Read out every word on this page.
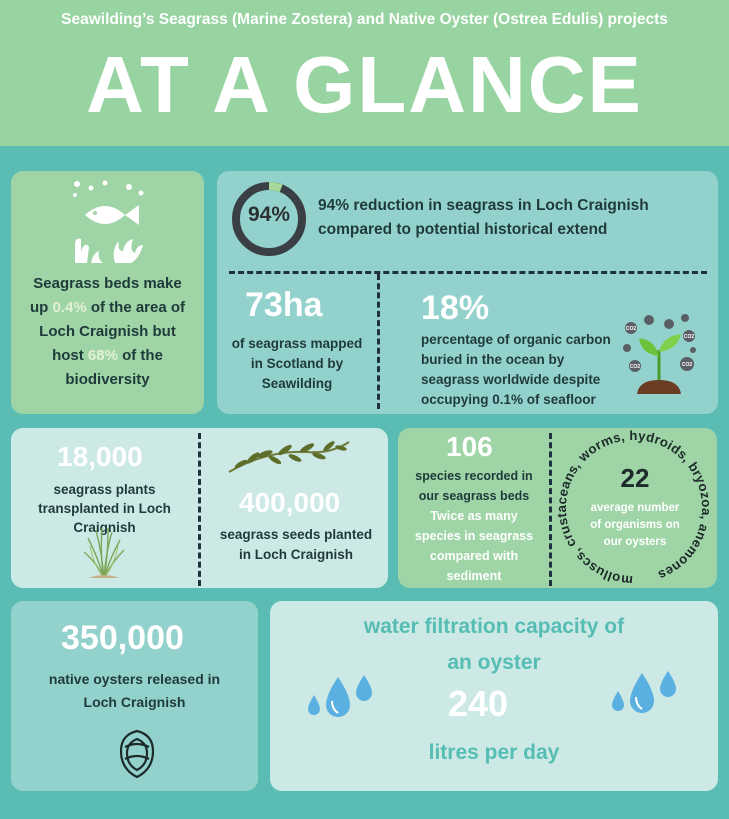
Seawilding’s Seagrass (Marine Zostera) and Native Oyster (Ostrea Edulis) projects
AT A GLANCE
Seagrass beds make
up 0.4% of the area of
Loch Craignish but
host 68% of the
biodiversity
94%	94% reduction in seagrass in Loch Craignish
compared to potential historical extend
73ha
of seagrass mapped
in Scotland by
Seawilding
18%
percentage of organic carbon
buried in the ocean by
seagrass worldwide despite
occupying 0.1% of seafloor
CO2
CO2
CO2	CO2
18,000
seagrass plants
transplanted in Loch
Craignish
400,000
seagrass seeds planted
in Loch Craignish
106
species recorded in
our seagrass beds
Twice as many
species in seagrass
compared with
sediment	molluscs, crustaceans, worms, hydroids, bryozoa, anemones
22
average number
of organisms on
our oysters
350,000
native oysters released in
Loch Craignish
water filtration capacity of
an oyster
240
litres per day
